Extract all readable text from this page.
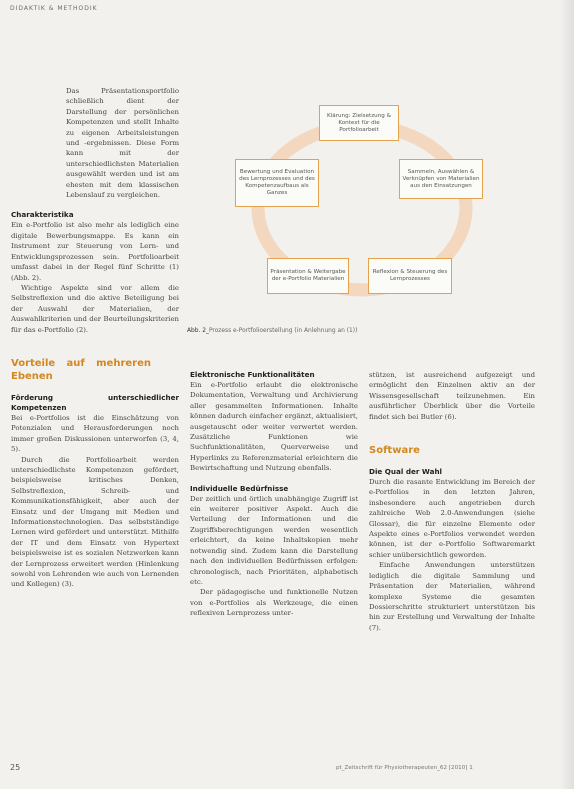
DIDAKTIK & METHODIK

Das Präsentationsportfolio schließlich dient der Darstellung der persönlichen Kompetenzen und stellt Inhalte zu eigenen Arbeitsleistungen und -ergebnissen. Diese Form kann mit der unterschiedlichsten Materialien ausgewählt werden und ist am ehesten mit dem klassischen Lebenslauf zu vergleichen.

Charakteristika

Ein e-Portfolio ist also mehr als lediglich eine digitale Bewerbungsmappe. Es kann ein Instrument zur Steuerung von Lern- und Entwicklungsprozessen sein. Portfolioarbeit umfasst dabei in der Regel fünf Schritte (1) (Abb. 2).

Wichtige Aspekte sind vor allem die Selbstreflexion und die aktive Beteiligung bei der Auswahl der Materialien, der Auswahlkriterien und der Beurteilungskriterien für das e-Portfolio (2).

Vorteile auf mehreren Ebenen

Förderung unterschiedlicher Kompetenzen

Bei e-Portfolios ist die Einschätzung von Potenzialen und Herausforderungen noch immer großen Diskussionen unterworfen (3, 4, 5).

Durch die Portfolioarbeit werden unterschiedlichste Kompetenzen gefördert, beispielsweise kritisches Denken, Selbstreflexion, Schreib- und Kommunikationsfähigkeit, aber auch der Einsatz und der Umgang mit Medien und Informationstechnologien. Das selbstständige Lernen wird gefördert und unterstützt. Mithilfe der IT und dem Einsatz von Hypertext beispielsweise ist es sozialen Netzwerken kann der Lernprozess erweitert werden (Hinlenkung sowohl von Lehrenden wie auch von Lernenden und Kollegen) (3).

Klärung: Zielsetzung & Kontext für die Portfolioarbeit
Sammeln, Auswählen & Verknüpfen von Materialien aus den Einsatzungen
Reflexion & Steuerung des Lernprozesses
Präsentation & Weitergabe der e-Portfolio Materialien
Bewertung und Evaluation des Lernprozesses und des Kompetenzaufbaus als Ganzes
Abb. 2_Prozess e-Portfolioerstellung (in Anlehnung an (1))

Elektronische Funktionalitäten

Ein e-Portfolio erlaubt die elektronische Dokumentation, Verwaltung und Archivierung aller gesammelten Informationen. Inhalte können dadurch einfacher ergänzt, aktualisiert, ausgetauscht oder weiter verwertet werden. Zusätzliche Funktionen wie Suchfunktionalitäten, Querverweise und Hyperlinks zu Referenzmaterial erleichtern die Bewirtschaftung und Nutzung ebenfalls.

Individuelle Bedürfnisse

Der zeitlich und örtlich unabhängige Zugriff ist ein weiterer positiver Aspekt. Auch die Verteilung der Informationen und die Zugriffsberechtigungen werden wesentlich erleichtert, da keine Inhaltskopien mehr notwendig sind. Zudem kann die Darstellung nach den individuellen Bedürfnissen erfolgen: chronologisch, nach Prioritäten, alphabetisch etc.

Der pädagogische und funktionelle Nutzen von e-Portfolios als Werkzeuge, die einen reflexiven Lernprozess unter-

stützen, ist ausreichend aufgezeigt und ermöglicht den Einzelnen aktiv an der Wissensgesellschaft teilzunehmen. Ein ausführlicher Überblick über die Vorteile findet sich bei Butler (6).

Software

Die Qual der Wahl

Durch die rasante Entwicklung im Bereich der e-Portfolios in den letzten Jahren, insbesondere auch angetrieben durch zahlreiche Web 2.0-Anwendungen (siehe Glossar), die für einzelne Elemente oder Aspekte eines e-Portfolios verwendet werden können, ist der e-Portfolio Softwaremarkt schier unübersichtlich geworden.

Einfache Anwendungen unterstützen lediglich die digitale Sammlung und Präsentation der Materialien, während komplexe Systeme die gesamten Dossierschritte strukturiert unterstützen bis hin zur Erstellung und Verwaltung der Inhalte (7).

25	pt_Zeitschrift für Physiotherapeuten_62 [2010] 1
